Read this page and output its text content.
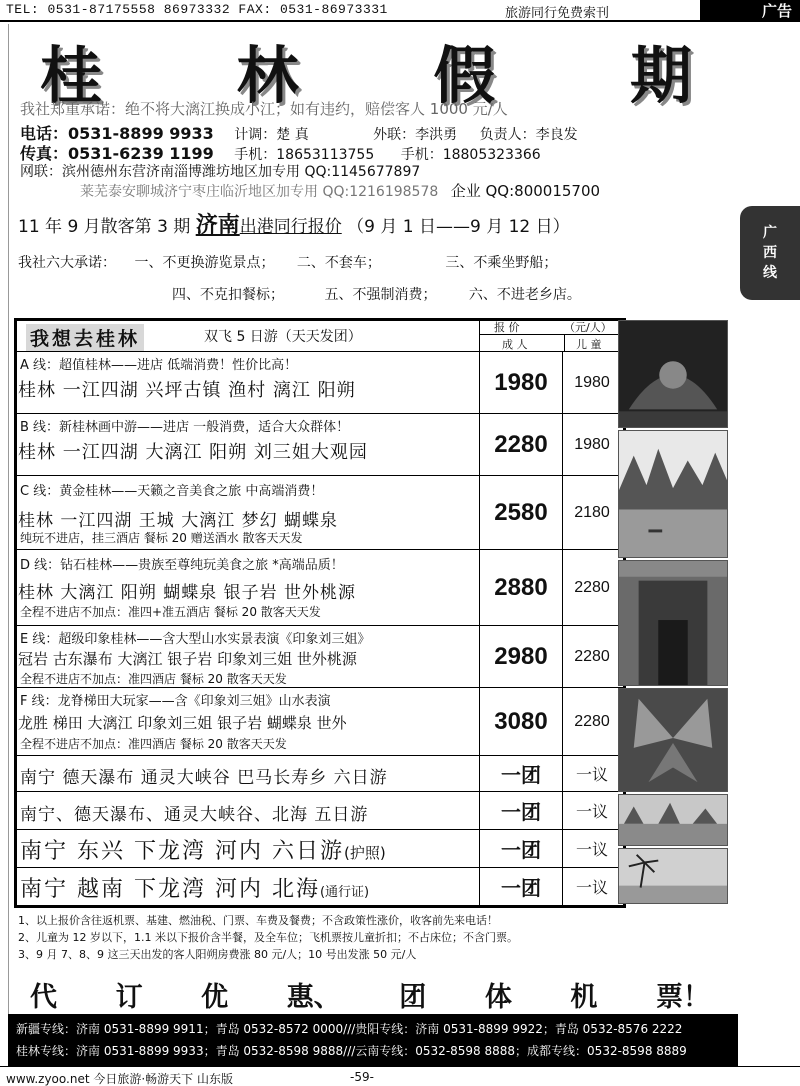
TEL: 0531-87175558 86973332 FAX: 0531-86973331	旅游同行免费索刊	广告
桂 林 假 期
我社郑重承诺：绝不将大漓江换成小江；如有违约，赔偿客人 1000 元/人
电话：0531-8899 9933 计调：楚 真	外联：李洪勇 负责人：李良发
传真：0531-6239 1199 手机：18653113755 手机：18805323366
网联：滨州德州东营济南淄博潍坊地区加专用 QQ:1145677897
莱芜泰安聊城济宁枣庄临沂地区加专用 QQ:1216198578 企业 QQ:800015700
11 年 9 月散客第 3 期 济南出港同行报价 （9 月 1 日——9 月 12 日）	广
西
线
我社六大承诺： 一、不更换游览景点； 二、不套车；	三、不乘坐野船；
四、不克扣餐标；	五、不强制消费； 六、不进老乡店。
我想去桂林	双飞 5 日游（天天发团）
报 价	（元/人）
成 人	儿 童
A 线：超值桂林——进店 低端消费！性价比高！
桂林 一江四湖 兴坪古镇 渔村 漓江 阳朔	1980	1980
B 线：新桂林画中游——进店 一般消费，适合大众群体！
桂林 一江四湖 大漓江 阳朔 刘三姐大观园	2280	1980
C 线：黄金桂林——天籁之音美食之旅 中高端消费！
桂林 一江四湖 王城 大漓江 梦幻 蝴蝶泉
纯玩不进店，挂三酒店 餐标 20 赠送酒水 散客天天发
2580	2180
D 线：钻石桂林——贵族至尊纯玩美食之旅 *高端品质！
桂林 大漓江 阳朔 蝴蝶泉 银子岩 世外桃源
全程不进店不加点：准四+准五酒店 餐标 20 散客天天发
2880	2280
E 线：超级印象桂林——含大型山水实景表演《印象刘三姐》
冠岩 古东瀑布 大漓江 银子岩 印象刘三姐 世外桃源
全程不进店不加点：准四酒店 餐标 20 散客天天发
2980	2280
F 线：龙脊梯田大玩家——含《印象刘三姐》山水表演
龙胜 梯田 大漓江 印象刘三姐 银子岩 蝴蝶泉 世外
全程不进店不加点：准四酒店 餐标 20 散客天天发
3080	2280
南宁 德天瀑布 通灵大峡谷 巴马长寿乡 六日游	一团	一议
南宁、德天瀑布、通灵大峡谷、北海 五日游	一团	一议
南宁 东兴 下龙湾 河内 六日游(护照)	一团	一议
南宁 越南 下龙湾 河内 北海(通行证)	一团	一议
1、以上报价含往返机票、基建、燃油税、门票、车费及餐费；不含政策性涨价，收客前先来电话！
2、儿童为 12 岁以下，1.1 米以下报价含半餐，及全车位；飞机票按儿童折扣；不占床位；不含门票。
3、9 月 7、8、9 这三天出发的客人阳朔房费涨 80 元/人；10 号出发涨 50 元/人
代 订 优 惠、 团 体 机 票！
新疆专线：济南 0531-8899 9911；青岛 0532-8572 0000///贵阳专线：济南 0531-8899 9922；青岛 0532-8576 2222
桂林专线：济南 0531-8899 9933；青岛 0532-8598 9888///云南专线：0532-8598 8888；成都专线：0532-8598 8889
www.zyoo.net 今日旅游·畅游天下 山东版	-59-
